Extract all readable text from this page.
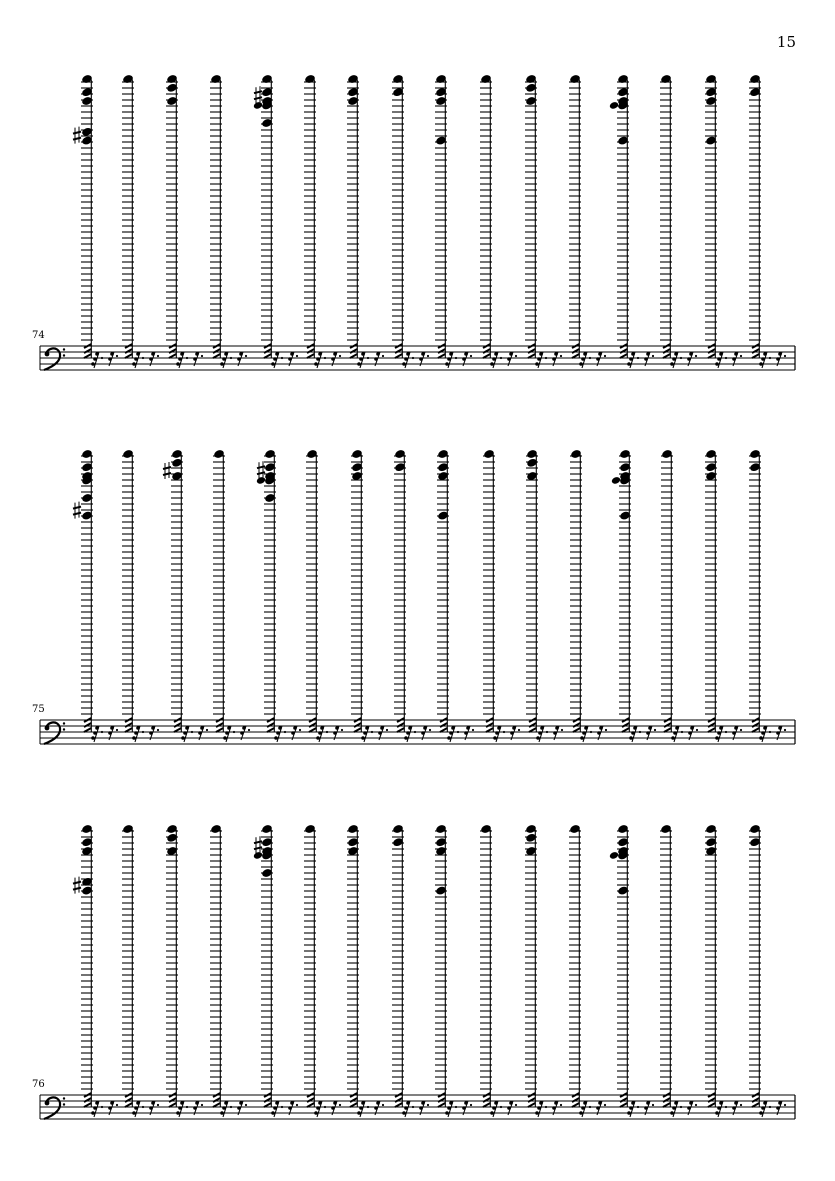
15
74
75
76
